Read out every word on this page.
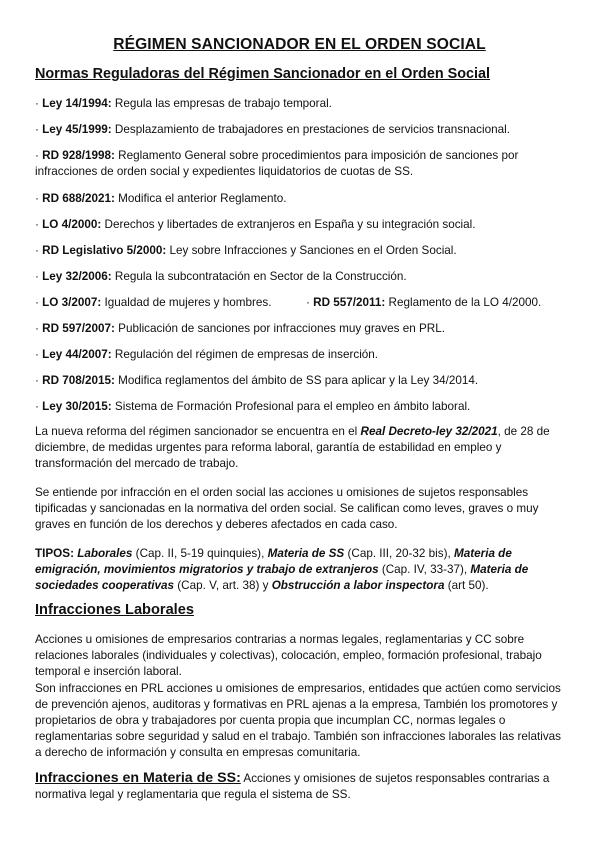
RÉGIMEN SANCIONADOR EN EL ORDEN SOCIAL
Normas Reguladoras del Régimen Sancionador en el Orden Social
· Ley 14/1994: Regula las empresas de trabajo temporal.
· Ley 45/1999: Desplazamiento de trabajadores en prestaciones de servicios transnacional.
· RD 928/1998: Reglamento General sobre procedimientos para imposición de sanciones por
infracciones de orden social y expedientes liquidatorios de cuotas de SS.
· RD 688/2021: Modifica el anterior Reglamento.
· LO 4/2000: Derechos y libertades de extranjeros en España y su integración social.
· RD Legislativo 5/2000: Ley sobre Infracciones y Sanciones en el Orden Social.
· Ley 32/2006: Regula la subcontratación en Sector de la Construcción.
· LO 3/2007: Igualdad de mujeres y hombres.	· RD 557/2011: Reglamento de la LO 4/2000.
· RD 597/2007: Publicación de sanciones por infracciones muy graves en PRL.
· Ley 44/2007: Regulación del régimen de empresas de inserción.
· RD 708/2015: Modifica reglamentos del ámbito de SS para aplicar y la Ley 34/2014.
· Ley 30/2015: Sistema de Formación Profesional para el empleo en ámbito laboral.
La nueva reforma del régimen sancionador se encuentra en el Real Decreto-ley 32/2021, de 28 de diciembre, de medidas urgentes para reforma laboral, garantía de estabilidad en empleo y transformación del mercado de trabajo.
Se entiende por infracción en el orden social las acciones u omisiones de sujetos responsables tipificadas y sancionadas en la normativa del orden social. Se califican como leves, graves o muy graves en función de los derechos y deberes afectados en cada caso.
TIPOS: Laborales (Cap. II, 5-19 quinquies), Materia de SS (Cap. III, 20-32 bis), Materia de emigración, movimientos migratorios y trabajo de extranjeros (Cap. IV, 33-37), Materia de sociedades cooperativas (Cap. V, art. 38) y Obstrucción a labor inspectora (art 50).
Infracciones Laborales

Acciones u omisiones de empresarios contrarias a normas legales, reglamentarias y CC sobre relaciones laborales (individuales y colectivas), colocación, empleo, formación profesional, trabajo temporal e inserción laboral.

Son infracciones en PRL acciones u omisiones de empresarios, entidades que actúen como servicios de prevención ajenos, auditoras y formativas en PRL ajenas a la empresa, También los promotores y propietarios de obra y trabajadores por cuenta propia que incumplan CC, normas legales o reglamentarias sobre seguridad y salud en el trabajo. También son infracciones laborales las relativas a derecho de información y consulta en empresas comunitaria.

Infracciones en Materia de SS: Acciones y omisiones de sujetos responsables contrarias a normativa legal y reglamentaria que regula el sistema de SS.
